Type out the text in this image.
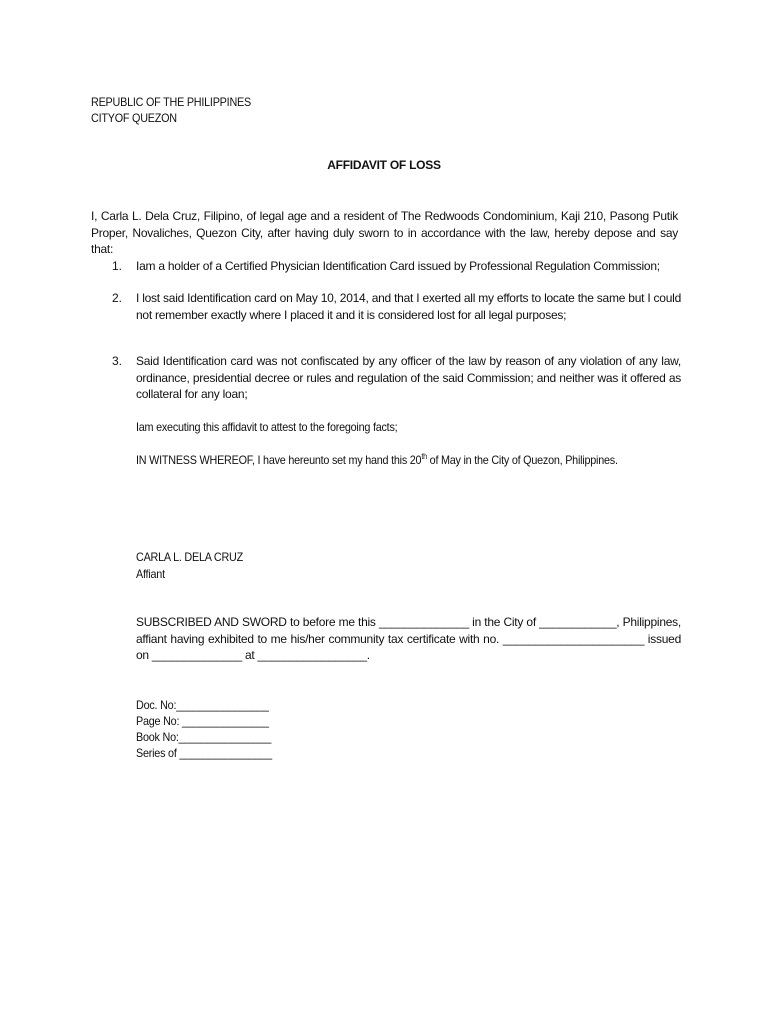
REPUBLIC OF THE PHILIPPINES

CITYOF QUEZON

AFFIDAVIT OF LOSS

I, Carla L. Dela Cruz, Filipino, of legal age and a resident of The Redwoods Condominium, Kaji 210, Pasong Putik Proper, Novaliches, Quezon City, after having duly sworn to in accordance with the law, hereby depose and say that:

1. Iam a holder of a Certified Physician Identification Card issued by Professional Regulation Commission;

2. I lost said Identification card on May 10, 2014, and that I exerted all my efforts to locate the same but I could not remember exactly where I placed it and it is considered lost for all legal purposes;

3. Said Identification card was not confiscated by any officer of the law by reason of any violation of any law, ordinance, presidential decree or rules and regulation of the said Commission; and neither was it offered as collateral for any loan;

Iam executing this affidavit to attest to the foregoing facts;

IN WITNESS WHEREOF, I have hereunto set my hand this 20th of May in the City of Quezon, Philippines.

CARLA L. DELA CRUZ

Affiant

SUBSCRIBED AND SWORD to before me this ______________ in the City of ____________, Philippines, affiant having exhibited to me his/her community tax certificate with no. ______________________ issued on ______________ at _________________.

Doc. No:________________

Page No: _______________

Book No:________________

Series of ________________
